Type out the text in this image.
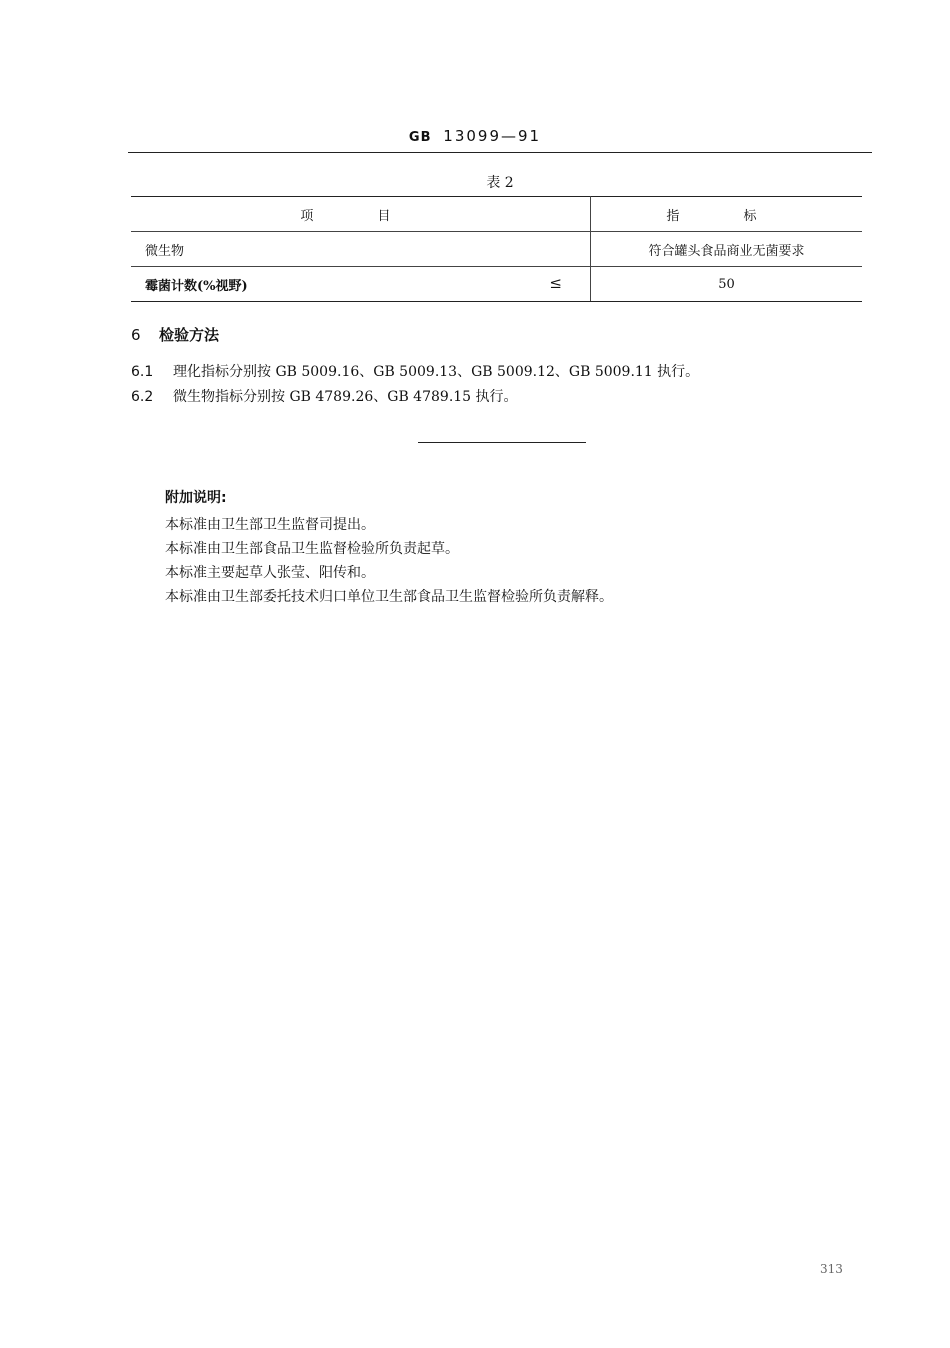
GB 13099—91
表 2
项 目	指 标
微生物	符合罐头食品商业无菌要求
霉菌计数(%视野) ≤	50
6 检验方法
6.1 理化指标分别按 GB 5009.16、GB 5009.13、GB 5009.12、GB 5009.11 执行。
6.2 微生物指标分别按 GB 4789.26、GB 4789.15 执行。
附加说明:
本标准由卫生部卫生监督司提出。
本标准由卫生部食品卫生监督检验所负责起草。
本标准主要起草人张莹、阳传和。
本标准由卫生部委托技术归口单位卫生部食品卫生监督检验所负责解释。
313
